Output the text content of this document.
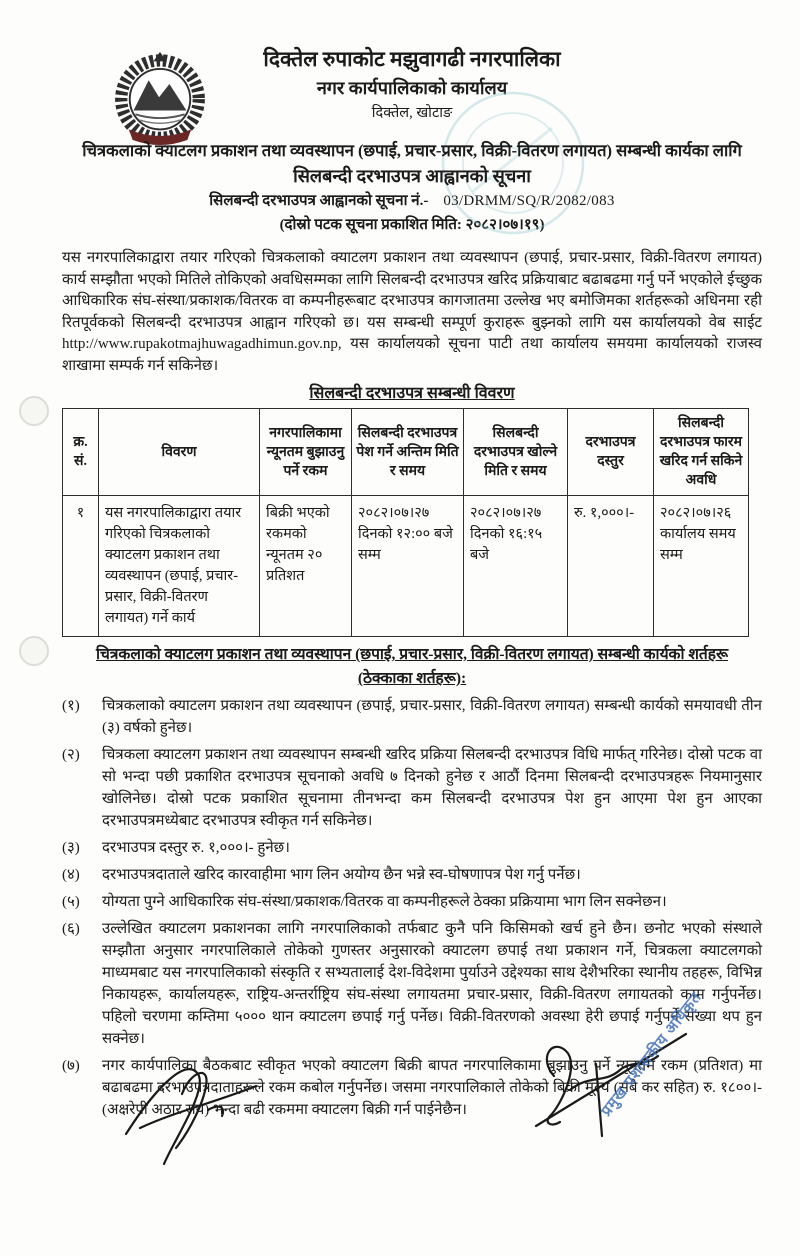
दिक्तेल रुपाकोट मझुवागढी नगरपालिका
नगर कार्यपालिकाको कार्यालय
दिक्तेल, खोटाङ
चित्रकलाको क्याटलग प्रकाशन तथा व्यवस्थापन (छपाई, प्रचार-प्रसार, विक्री-वितरण लगायत) सम्बन्धी कार्यका लागि
सिलबन्दी दरभाउपत्र आह्वानको सूचना
सिलबन्दी दरभाउपत्र आह्वानको सूचना नं.- 03/DRMM/SQ/R/2082/083
(दोस्रो पटक सूचना प्रकाशित मिति: २०८२।०७।१९)
यस नगरपालिकाद्वारा तयार गरिएको चित्रकलाको क्याटलग प्रकाशन तथा व्यवस्थापन (छपाई, प्रचार-प्रसार, विक्री-वितरण लगायत) कार्य सम्झौता भएको मितिले तोकिएको अवधिसम्मका लागि सिलबन्दी दरभाउपत्र खरिद प्रक्रियाबाट बढाबढमा गर्नु पर्ने भएकोले ईच्छुक आधिकारिक संघ-संस्था/प्रकाशक/वितरक वा कम्पनीहरूबाट दरभाउपत्र कागजातमा उल्लेख भए बमोजिमका शर्तहरूको अधिनमा रही रितपूर्वकको सिलबन्दी दरभाउपत्र आह्वान गरिएको छ। यस सम्बन्धी सम्पूर्ण कुराहरू बुझ्नको लागि यस कार्यालयको वेब साईट http://www.rupakotmajhuwagadhimun.gov.np, यस कार्यालयको सूचना पाटी तथा कार्यालय समयमा कार्यालयको राजस्व शाखामा सम्पर्क गर्न सकिनेछ।
सिलबन्दी दरभाउपत्र सम्बन्धी विवरण
क्र. सं.	विवरण	नगरपालिकामा न्यूनतम बुझाउनु पर्ने रकम	सिलबन्दी दरभाउपत्र पेश गर्ने अन्तिम मिति र समय	सिलबन्दी दरभाउपत्र खोल्ने मिति र समय	दरभाउपत्र दस्तुर	सिलबन्दी दरभाउपत्र फारम खरिद गर्न सकिने अवधि
१	यस नगरपालिकाद्वारा तयार गरिएको चित्रकलाको क्याटलग प्रकाशन तथा व्यवस्थापन (छपाई, प्रचार-प्रसार, विक्री-वितरण लगायत) गर्ने कार्य	बिक्री भएको रकमको न्यूनतम २० प्रतिशत	२०८२।०७।२७ दिनको १२:०० बजे सम्म	२०८२।०७।२७ दिनको १६:१५ बजे	रु. १,०००।-	२०८२।०७।२६ कार्यालय समय सम्म
चित्रकलाको क्याटलग प्रकाशन तथा व्यवस्थापन (छपाई, प्रचार-प्रसार, विक्री-वितरण लगायत) सम्बन्धी कार्यको शर्तहरू
(ठेक्काका शर्तहरू):
(१)	चित्रकलाको क्याटलग प्रकाशन तथा व्यवस्थापन (छपाई, प्रचार-प्रसार, विक्री-वितरण लगायत) सम्बन्धी कार्यको समयावधी तीन (३) वर्षको हुनेछ।
(२)	चित्रकला क्याटलग प्रकाशन तथा व्यवस्थापन सम्बन्धी खरिद प्रक्रिया सिलबन्दी दरभाउपत्र विधि मार्फत् गरिनेछ। दोस्रो पटक वा सो भन्दा पछी प्रकाशित दरभाउपत्र सूचनाको अवधि ७ दिनको हुनेछ र आठौं दिनमा सिलबन्दी दरभाउपत्रहरू नियमानुसार खोलिनेछ। दोस्रो पटक प्रकाशित सूचनामा तीनभन्दा कम सिलबन्दी दरभाउपत्र पेश हुन आएमा पेश हुन आएका दरभाउपत्रमध्येबाट दरभाउपत्र स्वीकृत गर्न सकिनेछ।
(३)	दरभाउपत्र दस्तुर रु. १,०००।- हुनेछ।
(४)	दरभाउपत्रदाताले खरिद कारवाहीमा भाग लिन अयोग्य छैन भन्ने स्व-घोषणापत्र पेश गर्नु पर्नेछ।
(५)	योग्यता पुग्ने आधिकारिक संघ-संस्था/प्रकाशक/वितरक वा कम्पनीहरूले ठेक्का प्रक्रियामा भाग लिन सक्नेछन।
(६)	उल्लेखित क्याटलग प्रकाशनका लागि नगरपालिकाको तर्फबाट कुनै पनि किसिमको खर्च हुने छैन। छनोट भएको संस्थाले सम्झौता अनुसार नगरपालिकाले तोकेको गुणस्तर अनुसारको क्याटलग छपाई तथा प्रकाशन गर्ने, चित्रकला क्याटलगको माध्यमबाट यस नगरपालिकाको संस्कृति र सभ्यतालाई देश-विदेशमा पुर्याउने उद्देश्यका साथ देशैभरिका स्थानीय तहहरू, विभिन्न निकायहरू, कार्यालयहरू, राष्ट्रिय-अन्तर्राष्ट्रिय संघ-संस्था लगायतमा प्रचार-प्रसार, विक्री-वितरण लगायतको काम गर्नुपर्नेछ। पहिलो चरणमा कम्तिमा ५००० थान क्याटलग छपाई गर्नु पर्नेछ। विक्री-वितरणको अवस्था हेरी छपाई गर्नुपर्ने संख्या थप हुन सक्नेछ।
(७)	नगर कार्यपालिका बैठकबाट स्वीकृत भएको क्याटलग बिक्री बापत नगरपालिकामा बुझाउनु पर्ने न्यूनतम रकम (प्रतिशत) मा बढाबढमा दरभाउपत्रदाताहरूले रकम कबोल गर्नुपर्नेछ। जसमा नगरपालिकाले तोकेको बिक्री मूल्य (सबै कर सहित) रु. १८००।- (अक्षरेपी अठार सय) भन्दा बढी रकममा क्याटलग बिक्री गर्न पाईनेछैन।	प्रमुख प्रशासकीय अधिकृत
